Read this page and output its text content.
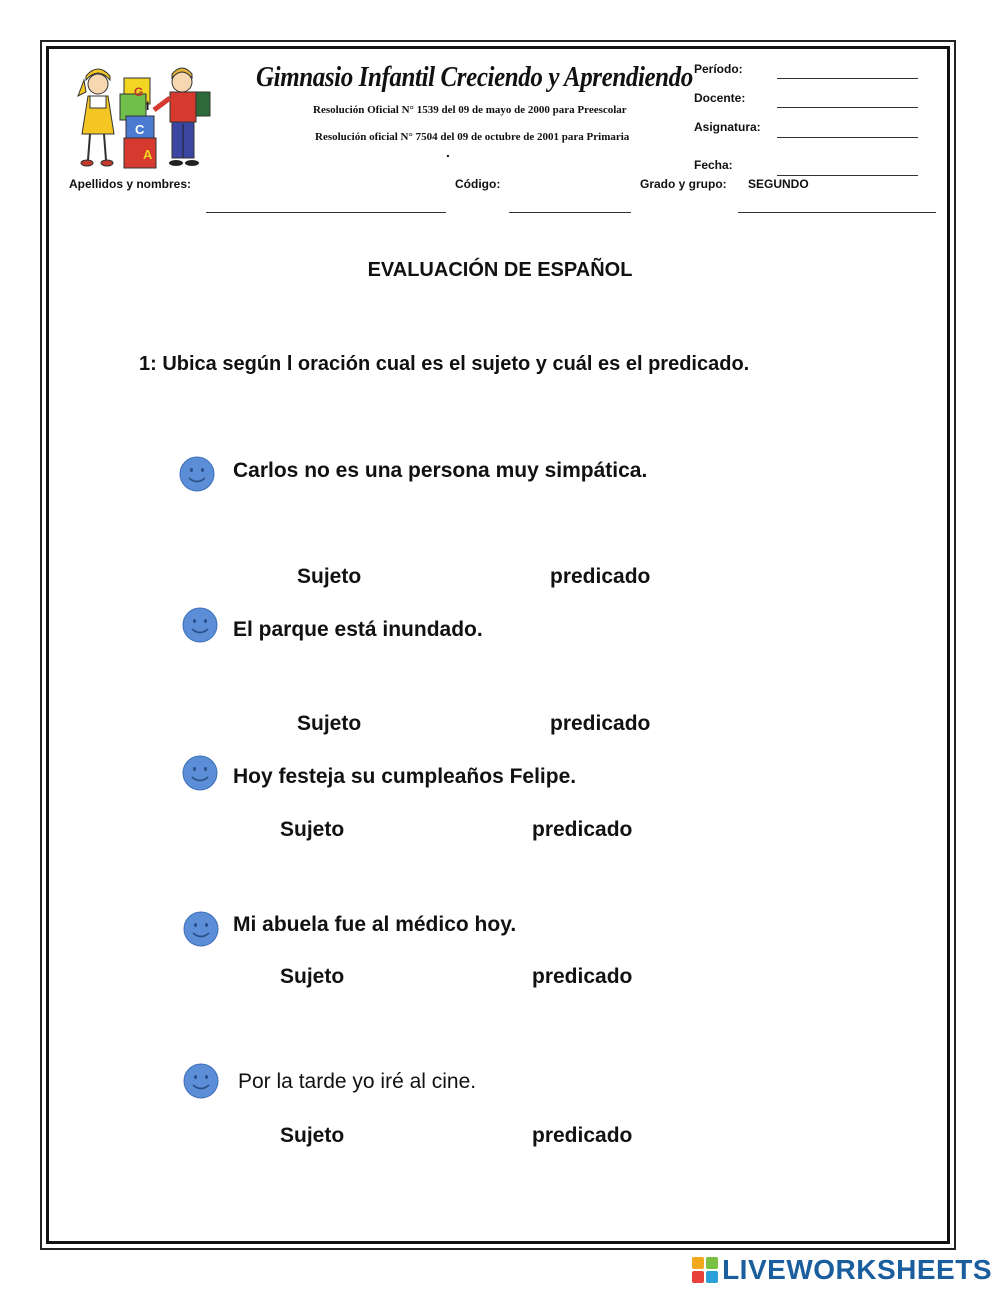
G
I
C
A
Gimnasio Infantil Creciendo y Aprendiendo
Resolución Oficial N° 1539 del 09 de mayo de 2000 para Preescolar
Resolución oficial N° 7504 del 09 de octubre de 2001 para Primaria
.
Período:
Docente:
Asignatura:
Fecha:
Apellidos y nombres:	Código:	Grado y grupo: SEGUNDO
EVALUACIÓN DE ESPAÑOL
1: Ubica según l oración cual es el sujeto y cuál es el predicado.
Carlos no es una persona muy simpática.
Sujeto	predicado
El parque está inundado.
Sujeto	predicado
Hoy festeja su cumpleaños Felipe.
Sujeto	predicado
Mi abuela fue al médico hoy.
Sujeto	predicado
Por la tarde yo iré al cine.
Sujeto	predicado
LIVEWORKSHEETS
